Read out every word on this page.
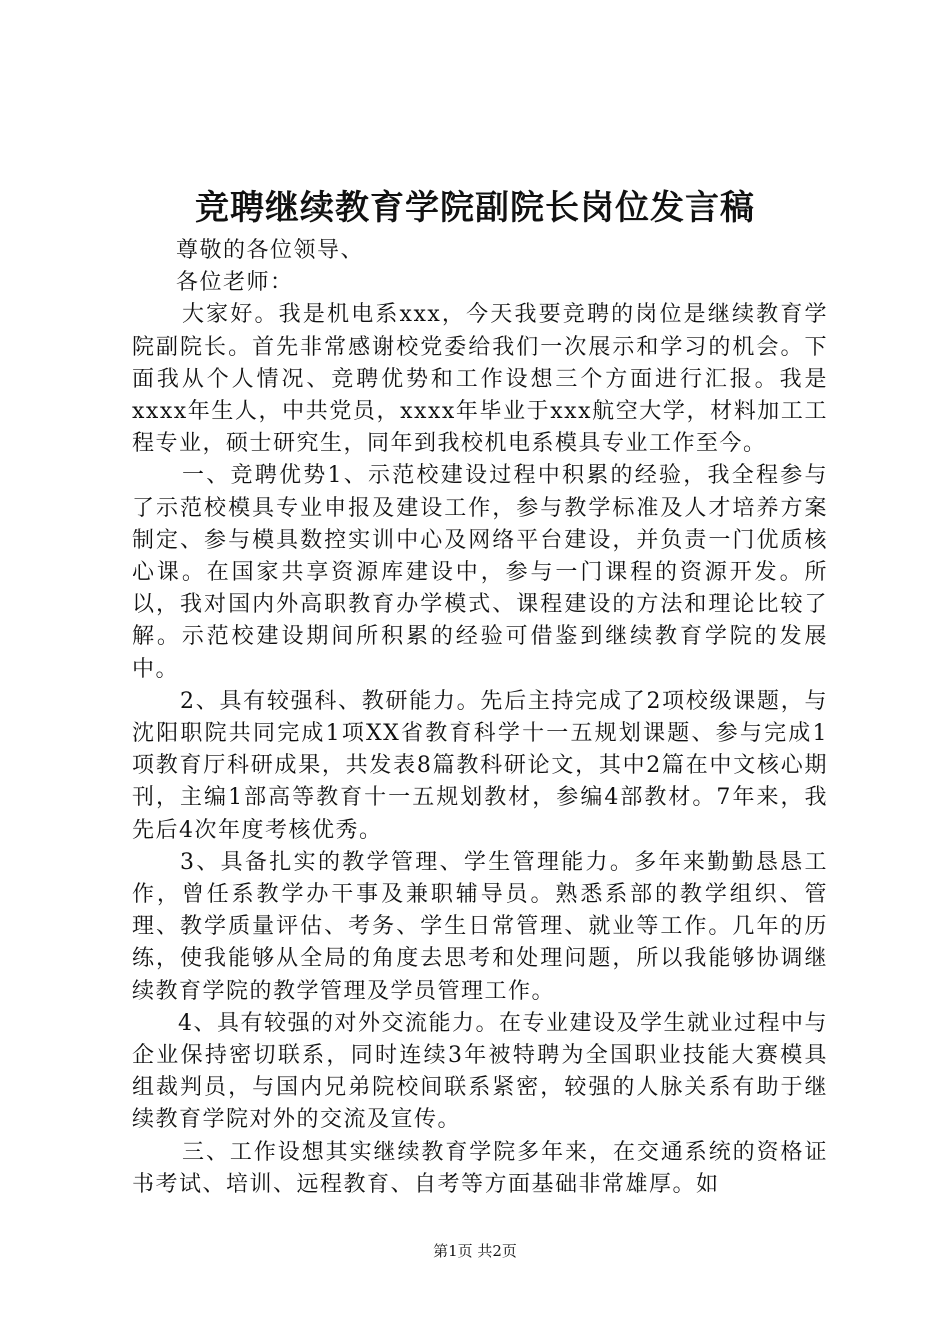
竞聘继续教育学院副院长岗位发言稿

尊敬的各位领导、

各位老师：

大家好。我是机电系xxx，今天我要竞聘的岗位是继续教育学院副院长。首先非常感谢校党委给我们一次展示和学习的机会。下面我从个人情况、竞聘优势和工作设想三个方面进行汇报。我是xxxx年生人，中共党员，xxxx年毕业于xxx航空大学，材料加工工程专业，硕士研究生，同年到我校机电系模具专业工作至今。

一、竞聘优势1、示范校建设过程中积累的经验，我全程参与了示范校模具专业申报及建设工作，参与教学标准及人才培养方案制定、参与模具数控实训中心及网络平台建设，并负责一门优质核心课。在国家共享资源库建设中，参与一门课程的资源开发。所以，我对国内外高职教育办学模式、课程建设的方法和理论比较了解。示范校建设期间所积累的经验可借鉴到继续教育学院的发展中。

2、具有较强科、教研能力。先后主持完成了2项校级课题，与沈阳职院共同完成1项XX省教育科学十一五规划课题、参与完成1项教育厅科研成果，共发表8篇教科研论文，其中2篇在中文核心期刊，主编1部高等教育十一五规划教材，参编4部教材。7年来，我先后4次年度考核优秀。

3、具备扎实的教学管理、学生管理能力。多年来勤勤恳恳工作，曾任系教学办干事及兼职辅导员。熟悉系部的教学组织、管理、教学质量评估、考务、学生日常管理、就业等工作。几年的历练，使我能够从全局的角度去思考和处理问题，所以我能够协调继续教育学院的教学管理及学员管理工作。

4、具有较强的对外交流能力。在专业建设及学生就业过程中与企业保持密切联系，同时连续3年被特聘为全国职业技能大赛模具组裁判员，与国内兄弟院校间联系紧密，较强的人脉关系有助于继续教育学院对外的交流及宣传。

三、工作设想其实继续教育学院多年来，在交通系统的资格证书考试、培训、远程教育、自考等方面基础非常雄厚。如

第1页 共2页
